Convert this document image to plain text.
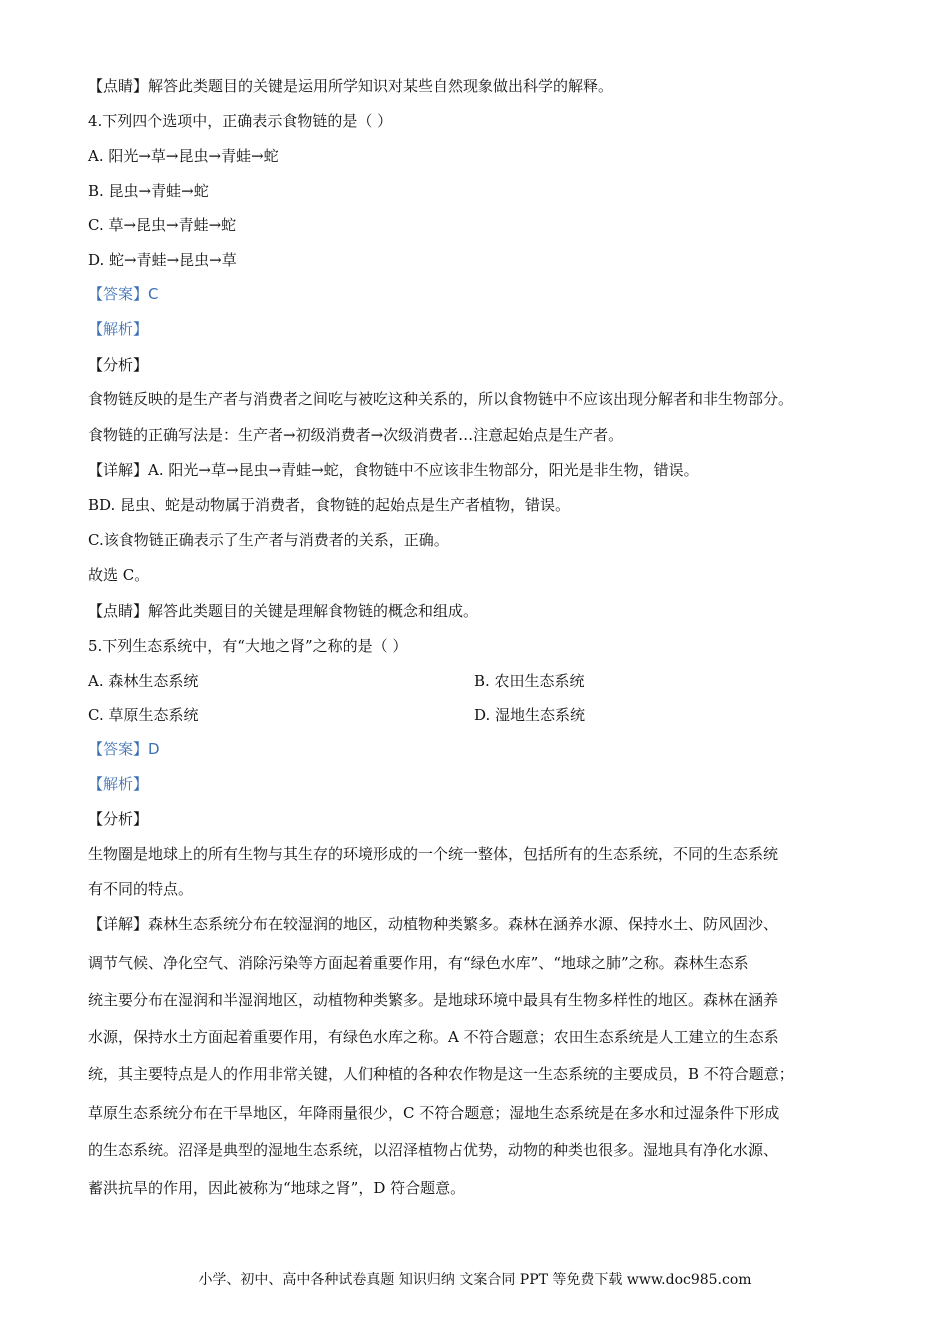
【点睛】解答此类题目的关键是运用所学知识对某些自然现象做出科学的解释。
4.下列四个选项中，正确表示食物链的是（ ）
A. 阳光→草→昆虫→青蛙→蛇
B. 昆虫→青蛙→蛇
C. 草→昆虫→青蛙→蛇
D. 蛇→青蛙→昆虫→草
【答案】C
【解析】
【分析】
食物链反映的是生产者与消费者之间吃与被吃这种关系的，所以食物链中不应该出现分解者和非生物部分。
食物链的正确写法是：生产者→初级消费者→次级消费者…注意起始点是生产者。
【详解】A. 阳光→草→昆虫→青蛙→蛇，食物链中不应该非生物部分，阳光是非生物，错误。
BD. 昆虫、蛇是动物属于消费者，食物链的起始点是生产者植物，错误。
C.该食物链正确表示了生产者与消费者的关系，正确。
故选 C。
【点睛】解答此类题目的关键是理解食物链的概念和组成。
5.下列生态系统中，有“大地之肾”之称的是（ ）
A. 森林生态系统	B. 农田生态系统
C. 草原生态系统	D. 湿地生态系统
【答案】D
【解析】
【分析】
生物圈是地球上的所有生物与其生存的环境形成的一个统一整体，包括所有的生态系统，不同的生态系统
有不同的特点。
【详解】森林生态系统分布在较湿润的地区，动植物种类繁多。森林在涵养水源、保持水土、防风固沙、
调节气候、净化空气、消除污染等方面起着重要作用，有“绿色水库”、“地球之肺”之称。森林生态系
统主要分布在湿润和半湿润地区，动植物种类繁多。是地球环境中最具有生物多样性的地区。森林在涵养
水源，保持水土方面起着重要作用，有绿色水库之称。A 不符合题意；农田生态系统是人工建立的生态系
统，其主要特点是人的作用非常关键，人们种植的各种农作物是这一生态系统的主要成员，B 不符合题意；
草原生态系统分布在干旱地区，年降雨量很少，C 不符合题意；湿地生态系统是在多水和过湿条件下形成
的生态系统。沼泽是典型的湿地生态系统，以沼泽植物占优势，动物的种类也很多。湿地具有净化水源、
蓄洪抗旱的作用，因此被称为“地球之肾”，D 符合题意。
小学、初中、高中各种试卷真题 知识归纳 文案合同 PPT 等免费下载 www.doc985.com
